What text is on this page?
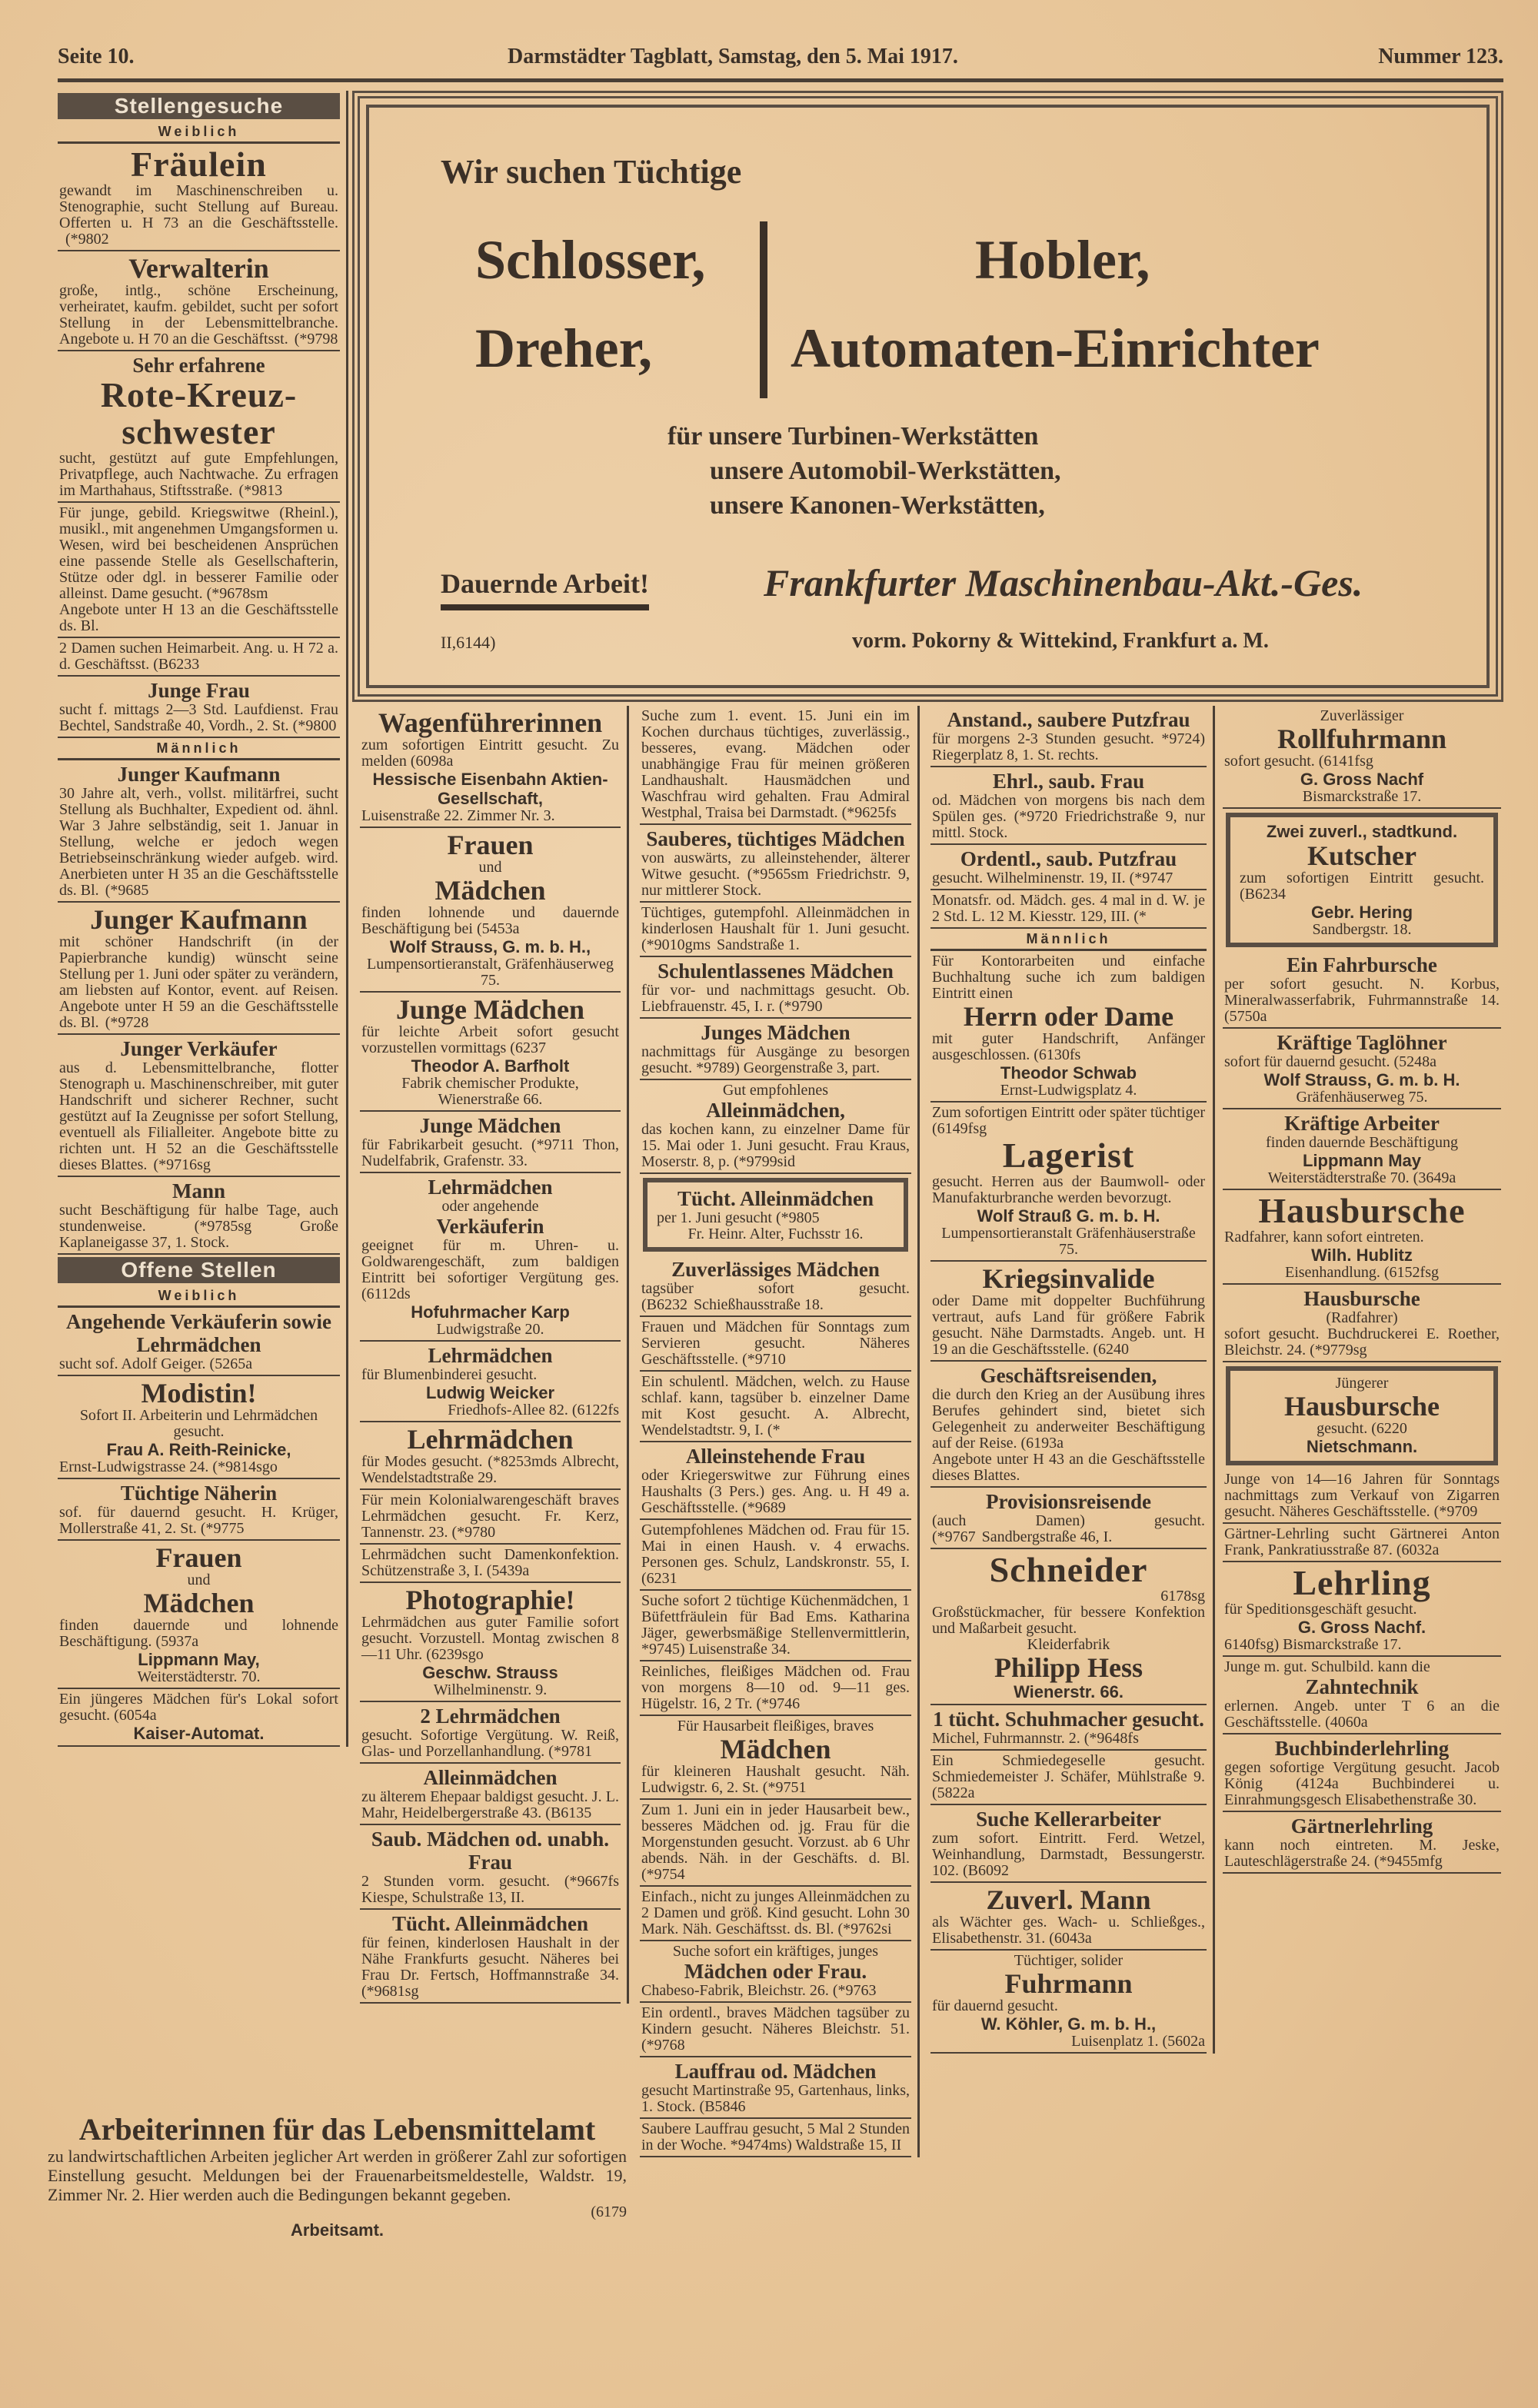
Seite 10.	Darmstädter Tagblatt, Samstag, den 5. Mai 1917.	Nummer 123.
Wir suchen Tüchtige
Schlosser,
Dreher,
Hobler,
Automaten-Einrichter
für unsere Turbinen-Werkstätten
unsere Automobil-Werkstätten,
unsere Kanonen-Werkstätten,
Dauernde Arbeit!	Frankfurter Maschinenbau-Akt.-Ges.
vorm. Pokorny & Wittekind, Frankfurt a. M.
II,6144)
Stellengesuche
Weiblich
Fräulein
gewandt im Maschinenschreiben u. Stenographie, sucht Stellung auf Bureau. Offerten u. H 73 an die Geschäftsstelle.(*9802
Verwalterin
große, intlg., schöne Erscheinung, verheiratet, kaufm. gebildet, sucht per sofort Stellung in der Lebensmittelbranche. Angebote u. H 70 an die Geschäftsst. (*9798
Sehr erfahrene
Rote-Kreuz-schwester
sucht, gestützt auf gute Empfehlungen, Privatpflege, auch Nachtwache. Zu erfragen im Marthahaus, Stiftsstraße. (*9813
Für junge, gebild. Kriegswitwe (Rheinl.), musikl., mit angenehmen Umgangsformen u. Wesen, wird bei bescheidenen Ansprüchen eine passende Stelle als Gesellschafterin, Stütze oder dgl. in besserer Familie oder alleinst. Dame gesucht. (*9678sm
Angebote unter H 13 an die Geschäftsstelle ds. Bl.
2 Damen suchen Heimarbeit. Ang. u. H 72 a. d. Geschäftsst. (B6233
Junge Frau
sucht f. mittags 2—3 Std. Laufdienst. Frau Bechtel, Sandstraße 40, Vordh., 2. St. (*9800
Männlich
Junger Kaufmann
30 Jahre alt, verh., vollst. militärfrei, sucht Stellung als Buchhalter, Expedient od. ähnl. War 3 Jahre selbständig, seit 1. Januar in Stellung, welche er jedoch wegen Betriebseinschränkung wieder aufgeb. wird. Anerbieten unter H 35 an die Geschäftsstelle ds. Bl. (*9685
Junger Kaufmann
mit schöner Handschrift (in der Papierbranche kundig) wünscht seine Stellung per 1. Juni oder später zu verändern, am liebsten auf Kontor, event. auf Reisen. Angebote unter H 59 an die Geschäftsstelle ds. Bl. (*9728
Junger Verkäufer
aus d. Lebensmittelbranche, flotter Stenograph u. Maschinenschreiber, mit guter Handschrift und sicherer Rechner, sucht gestützt auf Ia Zeugnisse per sofort Stellung, eventuell als Filialleiter. Angebote bitte zu richten unt. H 52 an die Geschäftsstelle dieses Blattes. (*9716sg
Mann
sucht Beschäftigung für halbe Tage, auch stundenweise. (*9785sg Große Kaplaneigasse 37, 1. Stock.
Offene Stellen
Weiblich
Angehende Verkäuferin sowie Lehrmädchen
sucht sof. Adolf Geiger. (5265a
Modistin!
Sofort II. Arbeiterin und Lehrmädchen gesucht.
Frau A. Reith-Reinicke,
Ernst-Ludwigstrasse 24. (*9814sgo
Tüchtige Näherin
sof. für dauernd gesucht. H. Krüger, Mollerstraße 41, 2. St. (*9775
Frauen
und
Mädchen
finden dauernde und lohnende Beschäftigung. (5937a
Lippmann May,
Weiterstädterstr. 70.
Ein jüngeres Mädchen für's Lokal sofort gesucht. (6054a
Kaiser-Automat.
Wagenführerinnen
zum sofortigen Eintritt gesucht. Zu melden (6098a
Hessische Eisenbahn Aktien-Gesellschaft,
Luisenstraße 22. Zimmer Nr. 3.
Frauen
und
Mädchen
finden lohnende und dauernde Beschäftigung bei (5453a
Wolf Strauss, G. m. b. H.,
Lumpensortieranstalt, Gräfenhäuserweg 75.
Junge Mädchen
für leichte Arbeit sofort gesucht vorzustellen vormittags (6237
Theodor A. Barfholt
Fabrik chemischer Produkte, Wienerstraße 66.
Junge Mädchen
für Fabrikarbeit gesucht. (*9711 Thon, Nudelfabrik, Grafenstr. 33.
Lehrmädchen
oder angehende
Verkäuferin
geeignet für m. Uhren- u. Goldwarengeschäft, zum baldigen Eintritt bei sofortiger Vergütung ges. (6112ds
Hofuhrmacher Karp
Ludwigstraße 20.
Lehrmädchen
für Blumenbinderei gesucht.
Ludwig Weicker
Friedhofs-Allee 82. (6122fs
Lehrmädchen
für Modes gesucht. (*8253mds Albrecht, Wendelstadtstraße 29.
Für mein Kolonialwarengeschäft braves Lehrmädchen gesucht. Fr. Kerz, Tannenstr. 23. (*9780
Lehrmädchen sucht Damenkonfektion. Schützenstraße 3, I. (5439a
Photographie!
Lehrmädchen aus guter Familie sofort gesucht. Vorzustell. Montag zwischen 8—11 Uhr. (6239sgo
Geschw. Strauss
Wilhelminenstr. 9.
2 Lehrmädchen
gesucht. Sofortige Vergütung. W. Reiß, Glas- und Porzellanhandlung. (*9781
Alleinmädchen
zu älterem Ehepaar baldigst gesucht. J. L. Mahr, Heidelbergerstraße 43. (B6135
Saub. Mädchen od. unabh. Frau
2 Stunden vorm. gesucht. (*9667fs Kiespe, Schulstraße 13, II.
Tücht. Alleinmädchen
für feinen, kinderlosen Haushalt in der Nähe Frankfurts gesucht. Näheres bei Frau Dr. Fertsch, Hoffmannstraße 34. (*9681sg
Suche zum 1. event. 15. Juni ein im Kochen durchaus tüchtiges, zuverlässig., besseres, evang. Mädchen oder unabhängige Frau für meinen größeren Landhaushalt. Hausmädchen und Waschfrau wird gehalten. Frau Admiral Westphal, Traisa bei Darmstadt. (*9625fs
Sauberes, tüchtiges Mädchen
von auswärts, zu alleinstehender, älterer Witwe gesucht. (*9565sm Friedrichstr. 9, nur mittlerer Stock.
Tüchtiges, gutempfohl. Alleinmädchen in kinderlosen Haushalt für 1. Juni gesucht. (*9010gms Sandstraße 1.
Schulentlassenes Mädchen
für vor- und nachmittags gesucht. Ob. Liebfrauenstr. 45, I. r. (*9790
Junges Mädchen
nachmittags für Ausgänge zu besorgen gesucht. *9789) Georgenstraße 3, part.
Gut empfohlenes
Alleinmädchen,
das kochen kann, zu einzelner Dame für 15. Mai oder 1. Juni gesucht. Frau Kraus, Moserstr. 8, p. (*9799sid
Tücht. Alleinmädchen
per 1. Juni gesucht (*9805
Fr. Heinr. Alter, Fuchsstr 16.
Zuverlässiges Mädchen
tagsüber sofort gesucht. (B6232 Schießhausstraße 18.
Frauen und Mädchen für Sonntags zum Servieren gesucht. Näheres Geschäftsstelle. (*9710
Ein schulentl. Mädchen, welch. zu Hause schlaf. kann, tagsüber b. einzelner Dame mit Kost gesucht. A. Albrecht, Wendelstadtstr. 9, I. (*
Alleinstehende Frau
oder Kriegerswitwe zur Führung eines Haushalts (3 Pers.) ges. Ang. u. H 49 a. Geschäftsstelle. (*9689
Gutempfohlenes Mädchen od. Frau für 15. Mai in einen Haush. v. 4 erwachs. Personen ges. Schulz, Landskronstr. 55, I. (6231
Suche sofort 2 tüchtige Küchenmädchen, 1 Büfettfräulein für Bad Ems. Katharina Jäger, gewerbsmäßige Stellenvermittlerin, *9745) Luisenstraße 34.
Reinliches, fleißiges Mädchen od. Frau von morgens 8—10 od. 9—11 ges. Hügelstr. 16, 2 Tr. (*9746
Für Hausarbeit fleißiges, braves
Mädchen
für kleineren Haushalt gesucht. Näh. Ludwigstr. 6, 2. St. (*9751
Zum 1. Juni ein in jeder Hausarbeit bew., besseres Mädchen od. jg. Frau für die Morgenstunden gesucht. Vorzust. ab 6 Uhr abends. Näh. in der Geschäfts. d. Bl. (*9754
Einfach., nicht zu junges Alleinmädchen zu 2 Damen und größ. Kind gesucht. Lohn 30 Mark. Näh. Geschäftsst. ds. Bl. (*9762si
Suche sofort ein kräftiges, junges
Mädchen oder Frau.
Chabeso-Fabrik, Bleichstr. 26. (*9763
Ein ordentl., braves Mädchen tagsüber zu Kindern gesucht. Näheres Bleichstr. 51. (*9768
Lauffrau od. Mädchen
gesucht Martinstraße 95, Gartenhaus, links, 1. Stock. (B5846
Saubere Lauffrau gesucht, 5 Mal 2 Stunden in der Woche. *9474ms) Waldstraße 15, II
Anstand., saubere Putzfrau
für morgens 2-3 Stunden gesucht. *9724) Riegerplatz 8, 1. St. rechts.
Ehrl., saub. Frau
od. Mädchen von morgens bis nach dem Spülen ges. (*9720 Friedrichstraße 9, nur mittl. Stock.
Ordentl., saub. Putzfrau
gesucht. Wilhelminenstr. 19, II. (*9747
Monatsfr. od. Mädch. ges. 4 mal in d. W. je 2 Std. L. 12 M. Kiesstr. 129, III. (*
Männlich
Für Kontorarbeiten und einfache Buchhaltung suche ich zum baldigen Eintritt einen
Herrn oder Dame
mit guter Handschrift, Anfänger ausgeschlossen. (6130fs
Theodor Schwab
Ernst-Ludwigsplatz 4.
Zum sofortigen Eintritt oder später tüchtiger (6149fsg
Lagerist
gesucht. Herren aus der Baumwoll- oder Manufakturbranche werden bevorzugt.
Wolf Strauß G. m. b. H.
Lumpensortieranstalt Gräfenhäuserstraße 75.
Kriegsinvalide
oder Dame mit doppelter Buchführung vertraut, aufs Land für größere Fabrik gesucht. Nähe Darmstadts. Angeb. unt. H 19 an die Geschäftsstelle. (6240
Geschäftsreisenden,
die durch den Krieg an der Ausübung ihres Berufes gehindert sind, bietet sich Gelegenheit zu anderweiter Beschäftigung auf der Reise. (6193a
Angebote unter H 43 an die Geschäftsstelle dieses Blattes.
Provisionsreisende
(auch Damen) gesucht. (*9767 Sandbergstraße 46, I.
Schneider
6178sg
Großstückmacher, für bessere Konfektion und Maßarbeit gesucht.
Kleiderfabrik
Philipp Hess
Wienerstr. 66.
1 tücht. Schuhmacher gesucht.
Michel, Fuhrmannstr. 2. (*9648fs
Ein Schmiedegeselle gesucht. Schmiedemeister J. Schäfer, Mühlstraße 9. (5822a
Suche Kellerarbeiter
zum sofort. Eintritt. Ferd. Wetzel, Weinhandlung, Darmstadt, Bessungerstr. 102. (B6092
Zuverl. Mann
als Wächter ges. Wach- u. Schließges., Elisabethenstr. 31. (6043a
Tüchtiger, solider
Fuhrmann
für dauernd gesucht.
W. Köhler, G. m. b. H.,
Luisenplatz 1. (5602a
Zuverlässiger
Rollfuhrmann
sofort gesucht. (6141fsg
G. Gross Nachf
Bismarckstraße 17.
Zwei zuverl., stadtkund.
Kutscher
zum sofortigen Eintritt gesucht. (B6234
Gebr. Hering
Sandbergstr. 18.
Ein Fahrbursche
per sofort gesucht. N. Korbus, Mineralwasserfabrik, Fuhrmannstraße 14. (5750a
Kräftige Taglöhner
sofort für dauernd gesucht. (5248a
Wolf Strauss, G. m. b. H.
Gräfenhäuserweg 75.
Kräftige Arbeiter
finden dauernde Beschäftigung
Lippmann May
Weiterstädterstraße 70. (3649a
Hausbursche
Radfahrer, kann sofort eintreten.
Wilh. Hublitz
Eisenhandlung. (6152fsg
Hausbursche
(Radfahrer)
sofort gesucht. Buchdruckerei E. Roether, Bleichstr. 24. (*9779sg
Jüngerer
Hausbursche
gesucht. (6220
Nietschmann.
Junge von 14—16 Jahren für Sonntags nachmittags zum Verkauf von Zigarren gesucht. Näheres Geschäftsstelle. (*9709
Gärtner-Lehrling sucht Gärtnerei Anton Frank, Pankratiusstraße 87. (6032a
Lehrling
für Speditionsgeschäft gesucht.
G. Gross Nachf.
6140fsg) Bismarckstraße 17.
Junge m. gut. Schulbild. kann die
Zahntechnik
erlernen. Angeb. unter T 6 an die Geschäftsstelle. (4060a
Buchbinderlehrling
gegen sofortige Vergütung gesucht. Jacob König (4124a Buchbinderei u. Einrahmungsgesch Elisabethenstraße 30.
Gärtnerlehrling
kann noch eintreten. M. Jeske, Lauteschlägerstraße 24. (*9455mfg
Arbeiterinnen für das Lebensmittelamt
zu landwirtschaftlichen Arbeiten jeglicher Art werden in größerer Zahl zur sofortigen Einstellung gesucht. Meldungen bei der Frauenarbeitsmeldestelle, Waldstr. 19, Zimmer Nr. 2. Hier werden auch die Bedingungen bekannt gegeben.
(6179
Arbeitsamt.
